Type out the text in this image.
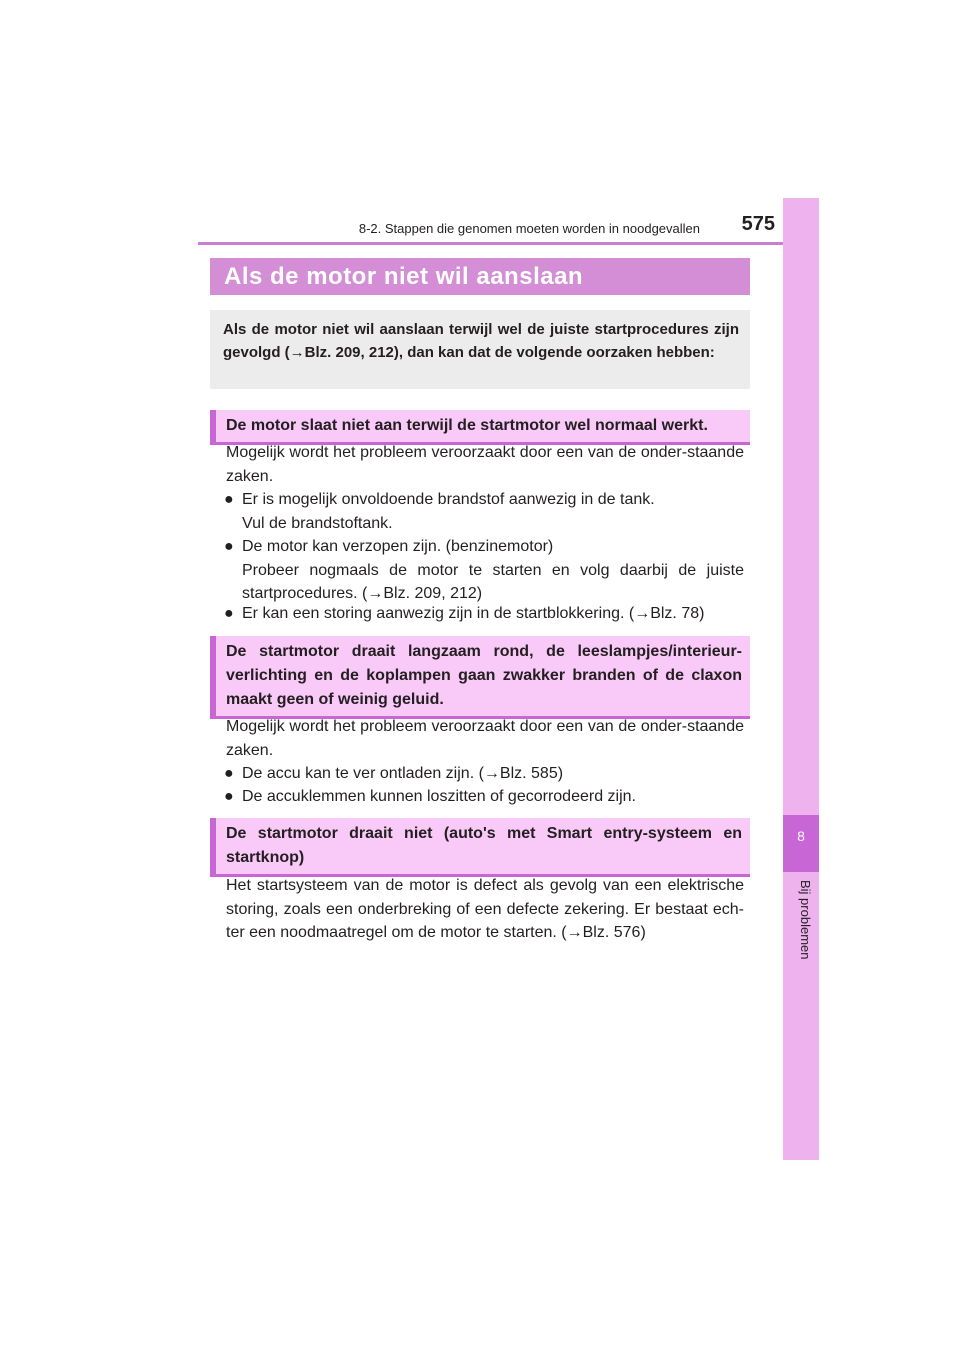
8-2. Stappen die genomen moeten worden in noodgevallen	575
8
Bij problemen
Als de motor niet wil aanslaan
Als de motor niet wil aanslaan terwijl wel de juiste startprocedures zijn gevolgd (→Blz. 209, 212), dan kan dat de volgende oorzaken hebben:
De motor slaat niet aan terwijl de startmotor wel normaal werkt.
Mogelijk wordt het probleem veroorzaakt door een van de onder-staande zaken.
● Er is mogelijk onvoldoende brandstof aanwezig in de tank.
Vul de brandstoftank.
● De motor kan verzopen zijn. (benzinemotor)
Probeer nogmaals de motor te starten en volg daarbij de juiste startprocedures. (→Blz. 209, 212)
● Er kan een storing aanwezig zijn in de startblokkering. (→Blz. 78)
De startmotor draait langzaam rond, de leeslampjes/interieur-verlichting en de koplampen gaan zwakker branden of de claxon maakt geen of weinig geluid.
Mogelijk wordt het probleem veroorzaakt door een van de onder-staande zaken.
● De accu kan te ver ontladen zijn. (→Blz. 585)
● De accuklemmen kunnen loszitten of gecorrodeerd zijn.
De startmotor draait niet (auto's met Smart entry-systeem en startknop)
Het startsysteem van de motor is defect als gevolg van een elektrische storing, zoals een onderbreking of een defecte zekering. Er bestaat ech-ter een noodmaatregel om de motor te starten. (→Blz. 576)
